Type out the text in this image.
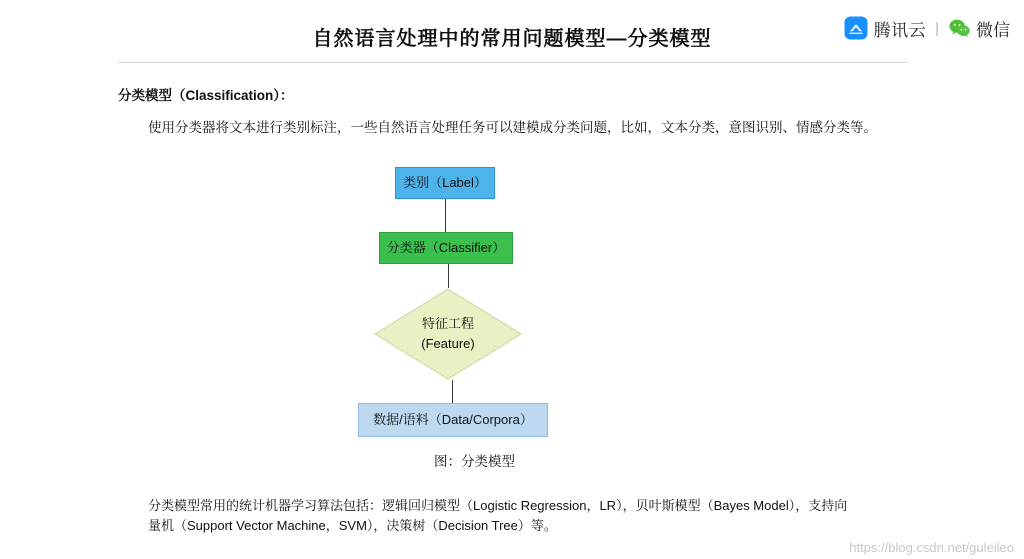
自然语言处理中的常用问题模型—分类模型	腾讯云 | 微信
分类模型（Classification）：
使用分类器将文本进行类别标注，一些自然语言处理任务可以建模成分类问题，比如，文本分类，意图识别、情感分类等。
类别（Label）
分类器（Classifier）
特征工程
(Feature)
数据/语料（Data/Corpora）
图：分类模型
分类模型常用的统计机器学习算法包括：逻辑回归模型（Logistic Regression，LR），贝叶斯模型（Bayes Model），支持向
量机（Support Vector Machine，SVM），决策树（Decision Tree）等。
https://blog.csdn.net/guleileo
